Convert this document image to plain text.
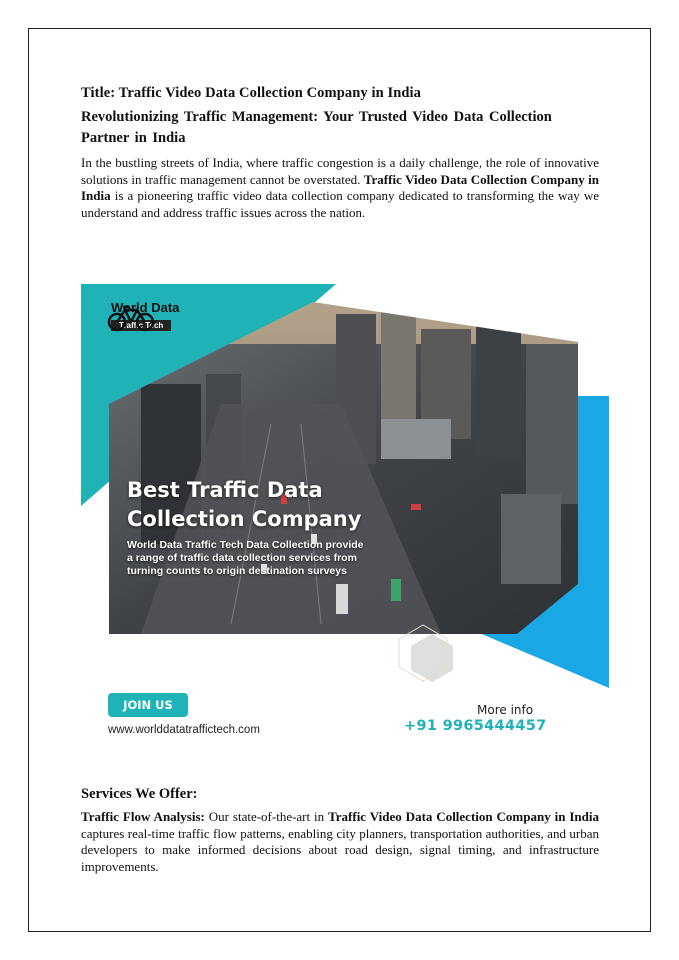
Title: Traffic Video Data Collection Company in India
Revolutionizing Traffic Management: Your Trusted Video Data Collection Partner in India
In the bustling streets of India, where traffic congestion is a daily challenge, the role of innovative solutions in traffic management cannot be overstated. Traffic Video Data Collection Company in India is a pioneering traffic video data collection company dedicated to transforming the way we understand and address traffic issues across the nation.
World Data
Traffic Tech
Best Traffic Data
Collection Company
World Data Traffic Tech Data Collection provide a range of traffic data collection services from turning counts to origin destination surveys
JOIN US
www.worlddatatraffictech.com
More info
+91 9965444457
Services We Offer:
Traffic Flow Analysis: Our state-of-the-art in Traffic Video Data Collection Company in India captures real-time traffic flow patterns, enabling city planners, transportation authorities, and urban developers to make informed decisions about road design, signal timing, and infrastructure improvements.
